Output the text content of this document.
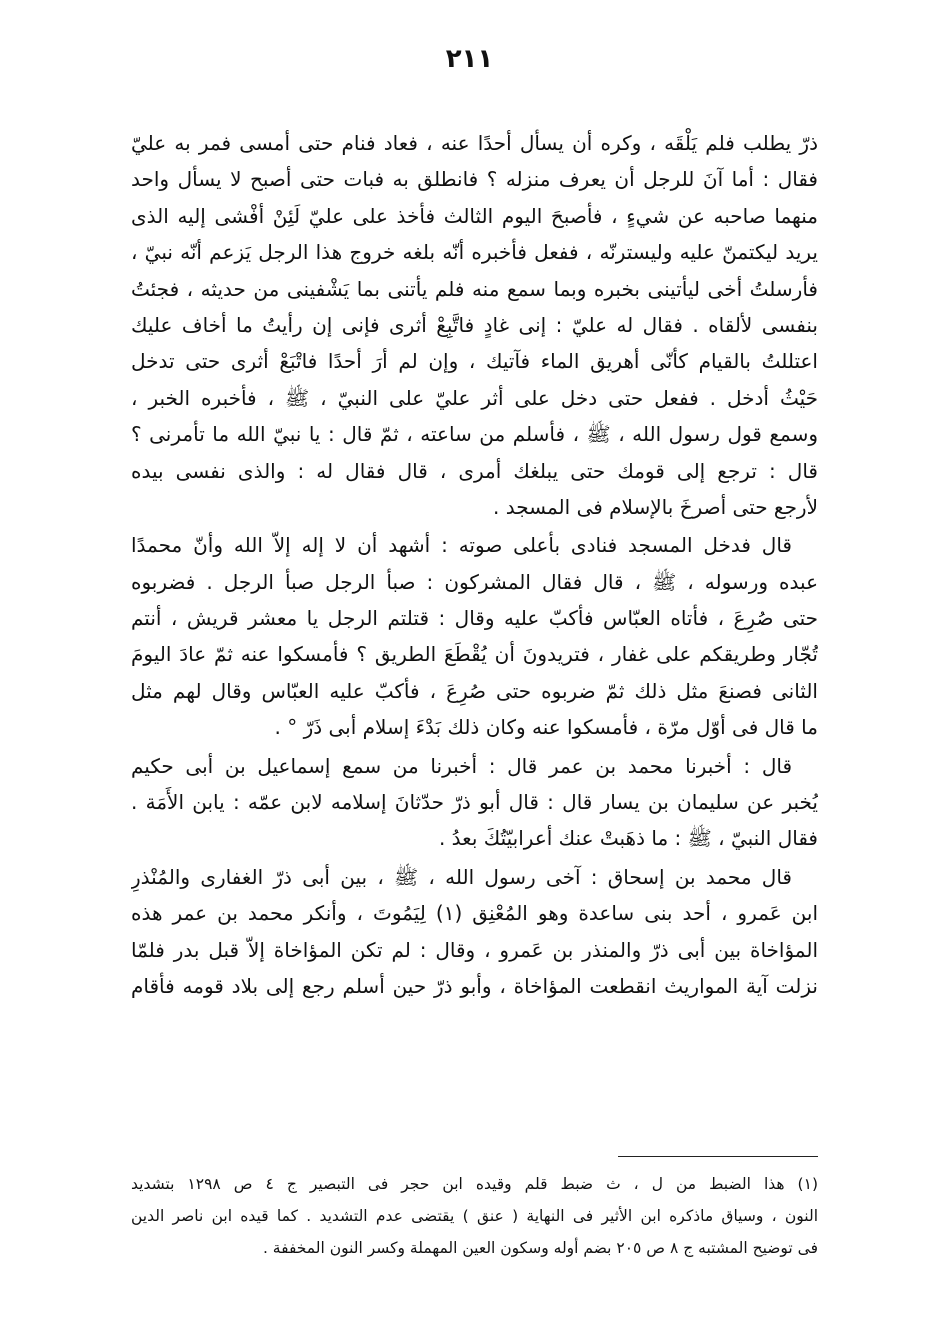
٢١١
ذرّ يطلب فلم يَلْقَه ، وكره أن يسأل أحدًا عنه ، فعاد فنام حتى أمسى فمر به عليّ
فقال : أما آنَ للرجل أن يعرف منزله ؟ فانطلق به فبات حتى أصبح لا يسأل واحد
منهما صاحبه عن شيءٍ ، فأصبحَ اليوم الثالث فأخذ على عليّ لَئِنْ أفْشى إليه الذى
يريد ليكتمنّ عليه وليسترنّه ، ففعل فأخبره أنّه بلغه خروج هذا الرجل يَزعم أنّه نبيّ ،
فأرسلتُ أخى ليأتينى بخبره وبما سمع منه فلم يأتنى بما يَشْفينى من حديثه ، فجئتُ
بنفسى لألقاه . فقال له عليّ : إنى غادٍ فاتَّبِعْ أثرى فإنى إن رأيتُ ما أخاف عليك
اعتللتُ بالقيام كأنّى أهريق الماء فآتيك ، وإن لم أرَ أحدًا فاتْبَعْ أثرى حتى تدخل
حَيْثُ أدخل . ففعل حتى دخل على أثر عليّ على النبيّ ، ﷺ ، فأخبره الخبر ،
وسمع قول رسول الله ، ﷺ ، فأسلم من ساعته ، ثمّ قال : يا نبيّ الله ما تأمرنى ؟
قال : ترجع إلى قومك حتى يبلغك أمرى ، قال فقال له : والذى نفسى بيده
لأرجع حتى أصرخَ بالإسلام فى المسجد .
قال فدخل المسجد فنادى بأعلى صوته : أشهد أن لا إله إلاّ الله وأنّ محمدًا
عبده ورسوله ، ﷺ ، قال فقال المشركون : صبأ الرجل صبأ الرجل . فضربوه
حتى صُرِعَ ، فأتاه العبّاس فأكبّ عليه وقال : قتلتم الرجل يا معشر قريش ، أنتم
تُجّار وطريقكم على غفار ، فتريدونَ أن يُقْطَعَ الطريق ؟ فأمسكوا عنه ثمّ عادَ اليومَ
الثانى فصنعَ مثل ذلك ثمّ ضربوه حتى صُرِعَ ، فأكبّ عليه العبّاس وقال لهم مثل
ما قال فى أوّل مرّة ، فأمسكوا عنه وكان ذلك بَدْءَ إسلام أبى ذَرّ ° .
قال : أخبرنا محمد بن عمر قال : أخبرنا من سمع إسماعيل بن أبى حكيم
يُخبر عن سليمان بن يسار قال : قال أبو ذرّ حدّثانَ إسلامه لابن عمّه : يابن الأَمَة .
فقال النبيّ ، ﷺ : ما ذهَبتْ عنك أعرابيّتُكَ بعدُ .
قال محمد بن إسحاق : آخى رسول الله ، ﷺ ، بين أبى ذرّ الغفارى والمُنْذرِ
ابن عَمرو ، أحد بنى ساعدة وهو المُعْنِق (١) لِيَمُوتَ ، وأنكر محمد بن عمر هذه
المؤاخاة بين أبى ذرّ والمنذر بن عَمرو ، وقال : لم تكن المؤاخاة إلاّ قبل بدر فلمّا
نزلت آية المواريث انقطعت المؤاخاة ، وأبو ذرّ حين أسلم رجع إلى بلاد قومه فأقام
(١) هذا الضبط من ل ، ث ضبط قلم وقيده ابن حجر فى التبصير ج ٤ ص ١٢٩٨ بتشديد
النون ، وسياق ماذكره ابن الأثير فى النهاية ( عنق ) يقتضى عدم التشديد . كما قيده ابن ناصر الدين
فى توضيح المشتبه ج ٨ ص ٢٠٥ بضم أوله وسكون العين المهملة وكسر النون المخففة .
